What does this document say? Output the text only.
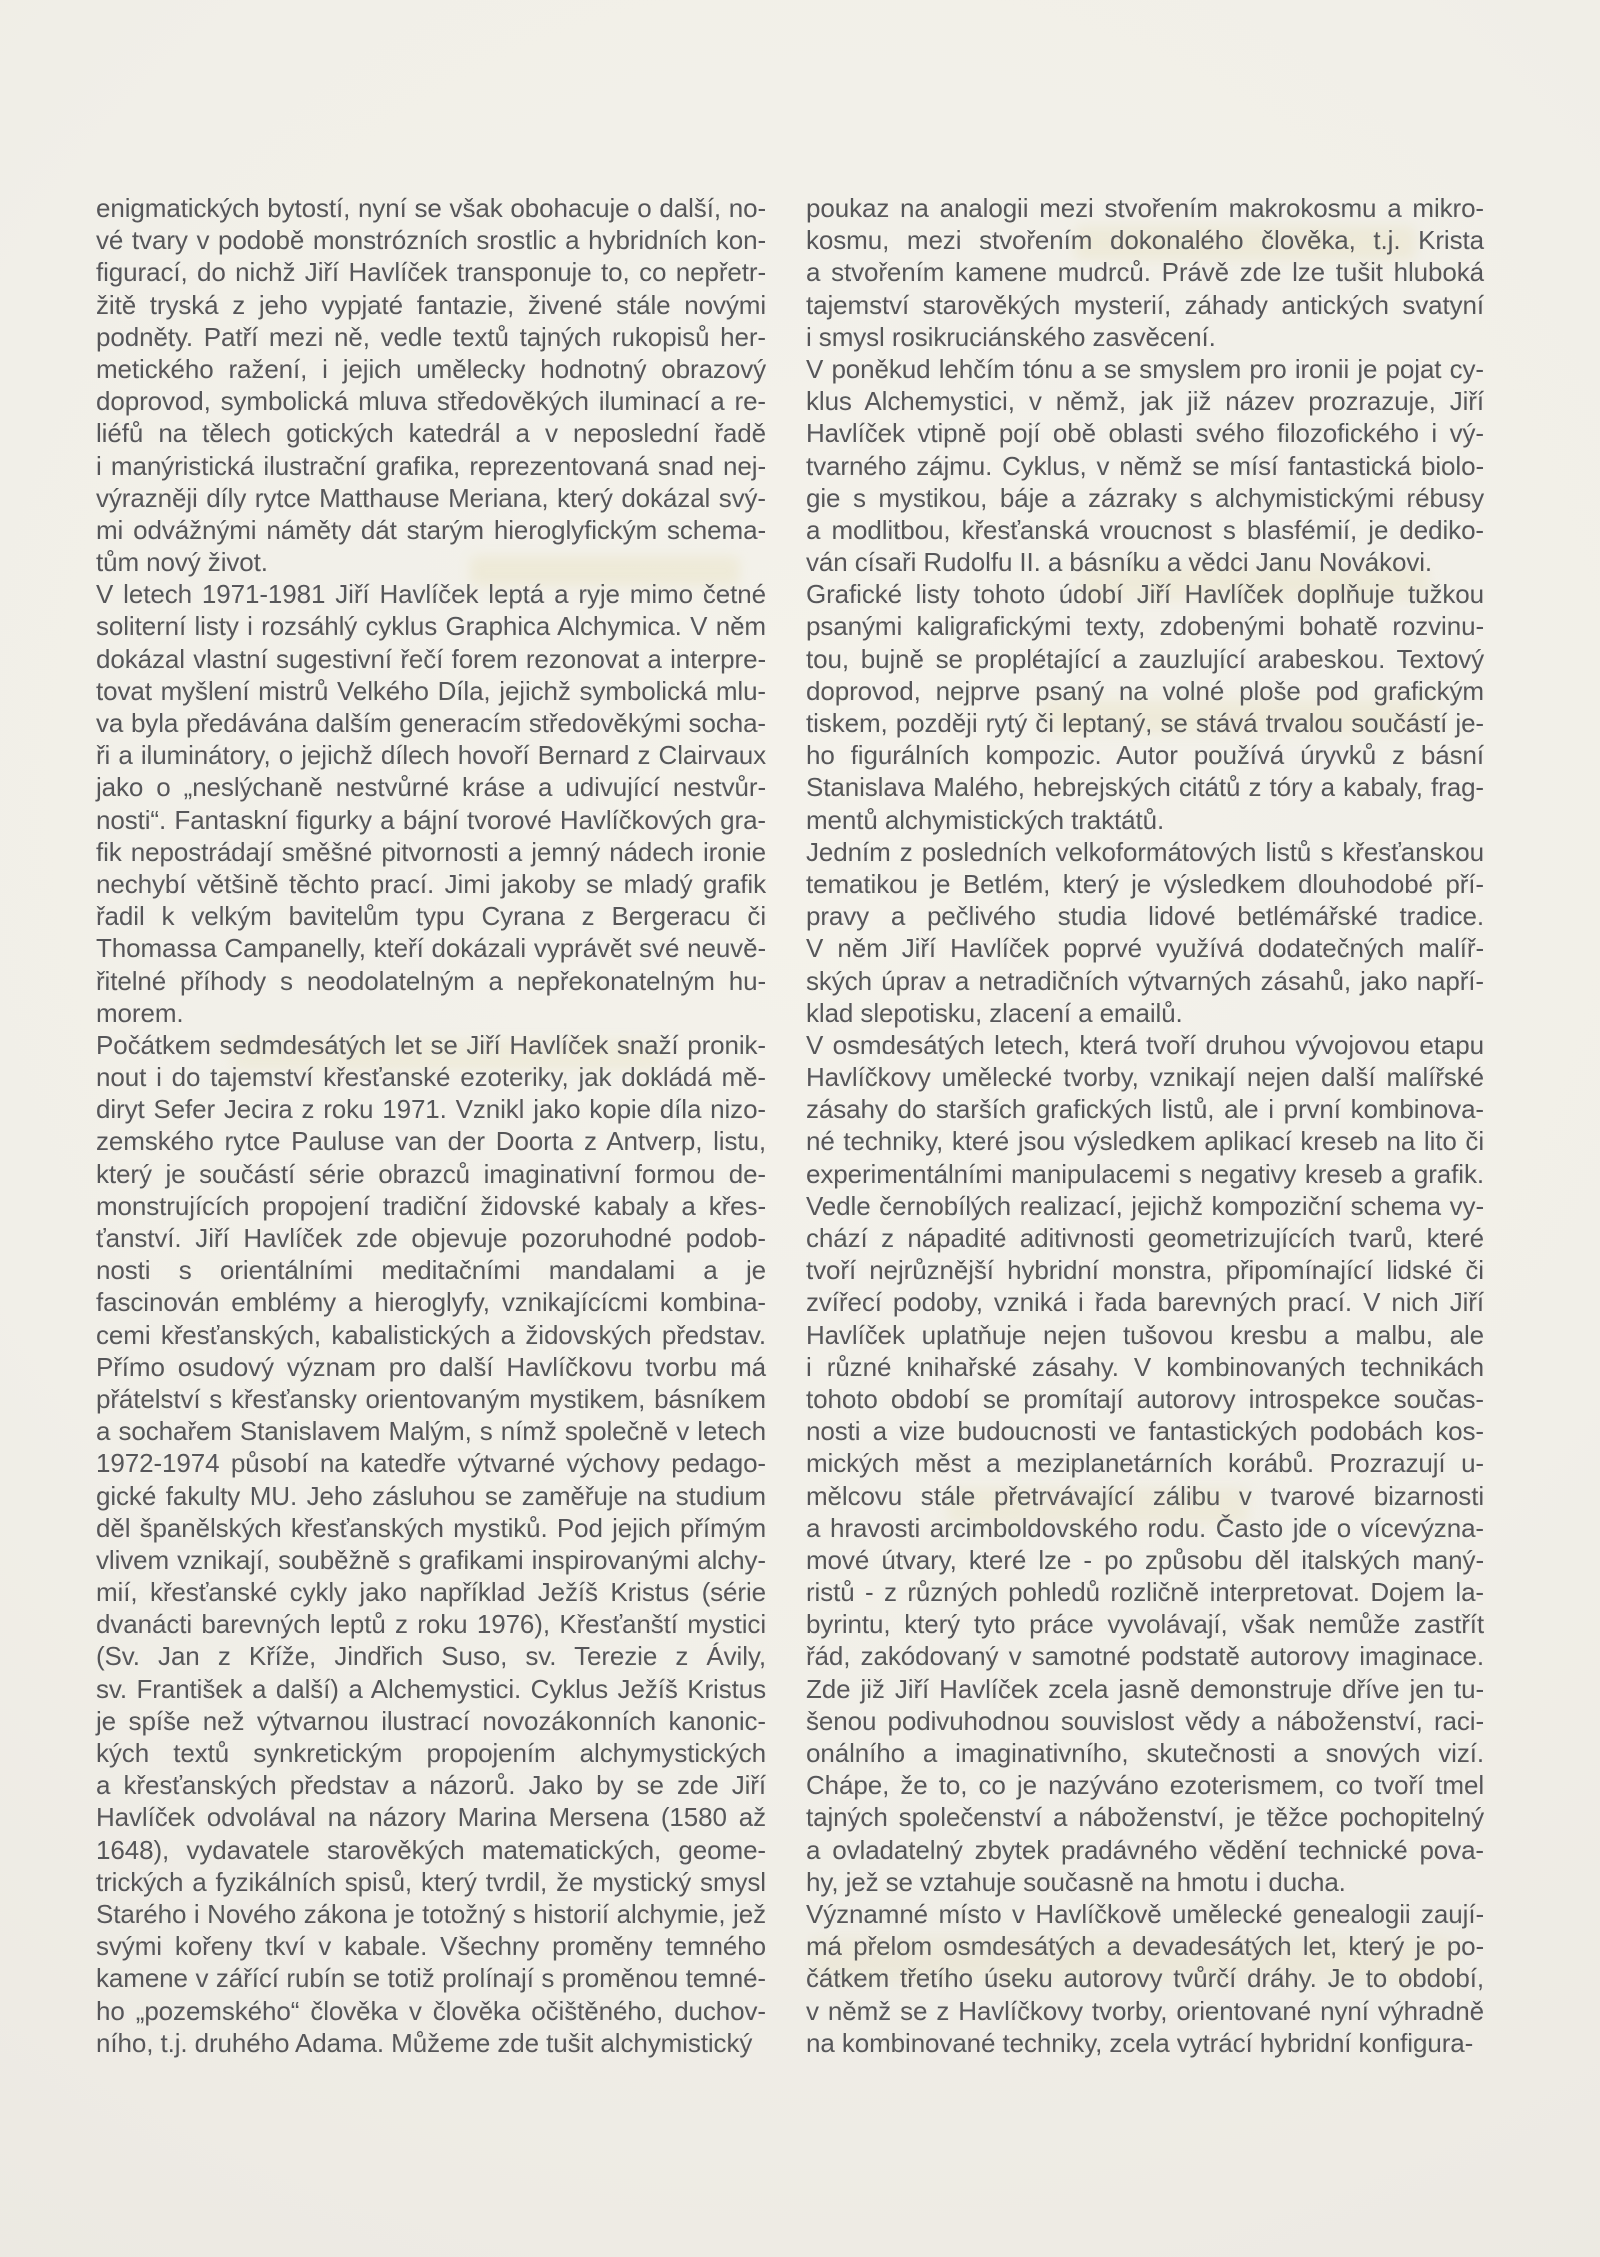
enigmatických bytostí, nyní se však obohacuje o další, no-
vé tvary v podobě monstrózních srostlic a hybridních kon-
figurací, do nichž Jiří Havlíček transponuje to, co nepřetr-
žitě tryská z jeho vypjaté fantazie, živené stále novými
podněty. Patří mezi ně, vedle textů tajných rukopisů her-
metického ražení, i jejich umělecky hodnotný obrazový
doprovod, symbolická mluva středověkých iluminací a re-
liéfů na tělech gotických katedrál a v neposlední řadě
i manýristická ilustrační grafika, reprezentovaná snad nej-
výrazněji díly rytce Matthause Meriana, který dokázal svý-
mi odvážnými náměty dát starým hieroglyfickým schema-
tům nový život.
V letech 1971-1981 Jiří Havlíček leptá a ryje mimo četné
soliterní listy i rozsáhlý cyklus Graphica Alchymica. V něm
dokázal vlastní sugestivní řečí forem rezonovat a interpre-
tovat myšlení mistrů Velkého Díla, jejichž symbolická mlu-
va byla předávána dalším generacím středověkými socha-
ři a iluminátory, o jejichž dílech hovoří Bernard z Clairvaux
jako o „neslýchaně nestvůrné kráse a udivující nestvůr-
nosti“. Fantaskní figurky a bájní tvorové Havlíčkových gra-
fik nepostrádají směšné pitvornosti a jemný nádech ironie
nechybí většině těchto prací. Jimi jakoby se mladý grafik
řadil k velkým bavitelům typu Cyrana z Bergeracu či
Thomassa Campanelly, kteří dokázali vyprávět své neuvě-
řitelné příhody s neodolatelným a nepřekonatelným hu-
morem.
Počátkem sedmdesátých let se Jiří Havlíček snaží pronik-
nout i do tajemství křesťanské ezoteriky, jak dokládá mě-
diryt Sefer Jecira z roku 1971. Vznikl jako kopie díla nizo-
zemského rytce Pauluse van der Doorta z Antverp, listu,
který je součástí série obrazců imaginativní formou de-
monstrujících propojení tradiční židovské kabaly a křes-
ťanství. Jiří Havlíček zde objevuje pozoruhodné podob-
nosti s orientálními meditačními mandalami a je
fascinován emblémy a hieroglyfy, vznikajícícmi kombina-
cemi křesťanských, kabalistických a židovských představ.
Přímo osudový význam pro další Havlíčkovu tvorbu má
přátelství s křesťansky orientovaným mystikem, básníkem
a sochařem Stanislavem Malým, s nímž společně v letech
1972-1974 působí na katedře výtvarné výchovy pedago-
gické fakulty MU. Jeho zásluhou se zaměřuje na studium
děl španělských křesťanských mystiků. Pod jejich přímým
vlivem vznikají, souběžně s grafikami inspirovanými alchy-
mií, křesťanské cykly jako například Ježíš Kristus (série
dvanácti barevných leptů z roku 1976), Křesťanští mystici
(Sv. Jan z Kříže, Jindřich Suso, sv. Terezie z Ávily,
sv. František a další) a Alchemystici. Cyklus Ježíš Kristus
je spíše než výtvarnou ilustrací novozákonních kanonic-
kých textů synkretickým propojením alchymystických
a křesťanských představ a názorů. Jako by se zde Jiří
Havlíček odvolával na názory Marina Mersena (1580 až
1648), vydavatele starověkých matematických, geome-
trických a fyzikálních spisů, který tvrdil, že mystický smysl
Starého i Nového zákona je totožný s historií alchymie, jež
svými kořeny tkví v kabale. Všechny proměny temného
kamene v zářící rubín se totiž prolínají s proměnou temné-
ho „pozemského“ člověka v člověka očištěného, duchov-
ního, t.j. druhého Adama. Můžeme zde tušit alchymistický
poukaz na analogii mezi stvořením makrokosmu a mikro-
kosmu, mezi stvořením dokonalého člověka, t.j. Krista
a stvořením kamene mudrců. Právě zde lze tušit hluboká
tajemství starověkých mysterií, záhady antických svatyní
i smysl rosikruciánského zasvěcení.
V poněkud lehčím tónu a se smyslem pro ironii je pojat cy-
klus Alchemystici, v němž, jak již název prozrazuje, Jiří
Havlíček vtipně pojí obě oblasti svého filozofického i vý-
tvarného zájmu. Cyklus, v němž se mísí fantastická biolo-
gie s mystikou, báje a zázraky s alchymistickými rébusy
a modlitbou, křesťanská vroucnost s blasfémií, je dediko-
ván císaři Rudolfu II. a básníku a vědci Janu Novákovi.
Grafické listy tohoto údobí Jiří Havlíček doplňuje tužkou
psanými kaligrafickými texty, zdobenými bohatě rozvinu-
tou, bujně se proplétající a zauzlující arabeskou. Textový
doprovod, nejprve psaný na volné ploše pod grafickým
tiskem, později rytý či leptaný, se stává trvalou součástí je-
ho figurálních kompozic. Autor používá úryvků z básní
Stanislava Malého, hebrejských citátů z tóry a kabaly, frag-
mentů alchymistických traktátů.
Jedním z posledních velkoformátových listů s křesťanskou
tematikou je Betlém, který je výsledkem dlouhodobé pří-
pravy a pečlivého studia lidové betlémářské tradice.
V něm Jiří Havlíček poprvé využívá dodatečných malíř-
ských úprav a netradičních výtvarných zásahů, jako napří-
klad slepotisku, zlacení a emailů.
V osmdesátých letech, která tvoří druhou vývojovou etapu
Havlíčkovy umělecké tvorby, vznikají nejen další malířské
zásahy do starších grafických listů, ale i první kombinova-
né techniky, které jsou výsledkem aplikací kreseb na lito či
experimentálními manipulacemi s negativy kreseb a grafik.
Vedle černobílých realizací, jejichž kompoziční schema vy-
chází z nápadité aditivnosti geometrizujících tvarů, které
tvoří nejrůznější hybridní monstra, připomínající lidské či
zvířecí podoby, vzniká i řada barevných prací. V nich Jiří
Havlíček uplatňuje nejen tušovou kresbu a malbu, ale
i různé knihařské zásahy. V kombinovaných technikách
tohoto období se promítají autorovy introspekce součas-
nosti a vize budoucnosti ve fantastických podobách kos-
mických měst a meziplanetárních korábů. Prozrazují u-
mělcovu stále přetrvávající zálibu v tvarové bizarnosti
a hravosti arcimboldovského rodu. Často jde o vícevýzna-
mové útvary, které lze - po způsobu děl italských maný-
ristů - z různých pohledů rozličně interpretovat. Dojem la-
byrintu, který tyto práce vyvolávají, však nemůže zastřít
řád, zakódovaný v samotné podstatě autorovy imaginace.
Zde již Jiří Havlíček zcela jasně demonstruje dříve jen tu-
šenou podivuhodnou souvislost vědy a náboženství, raci-
onálního a imaginativního, skutečnosti a snových vizí.
Chápe, že to, co je nazýváno ezoterismem, co tvoří tmel
tajných společenství a náboženství, je těžce pochopitelný
a ovladatelný zbytek pradávného vědění technické pova-
hy, jež se vztahuje současně na hmotu i ducha.
Významné místo v Havlíčkově umělecké genealogii zaují-
má přelom osmdesátých a devadesátých let, který je po-
čátkem třetího úseku autorovy tvůrčí dráhy. Je to období,
v němž se z Havlíčkovy tvorby, orientované nyní výhradně
na kombinované techniky, zcela vytrácí hybridní konfigura-
